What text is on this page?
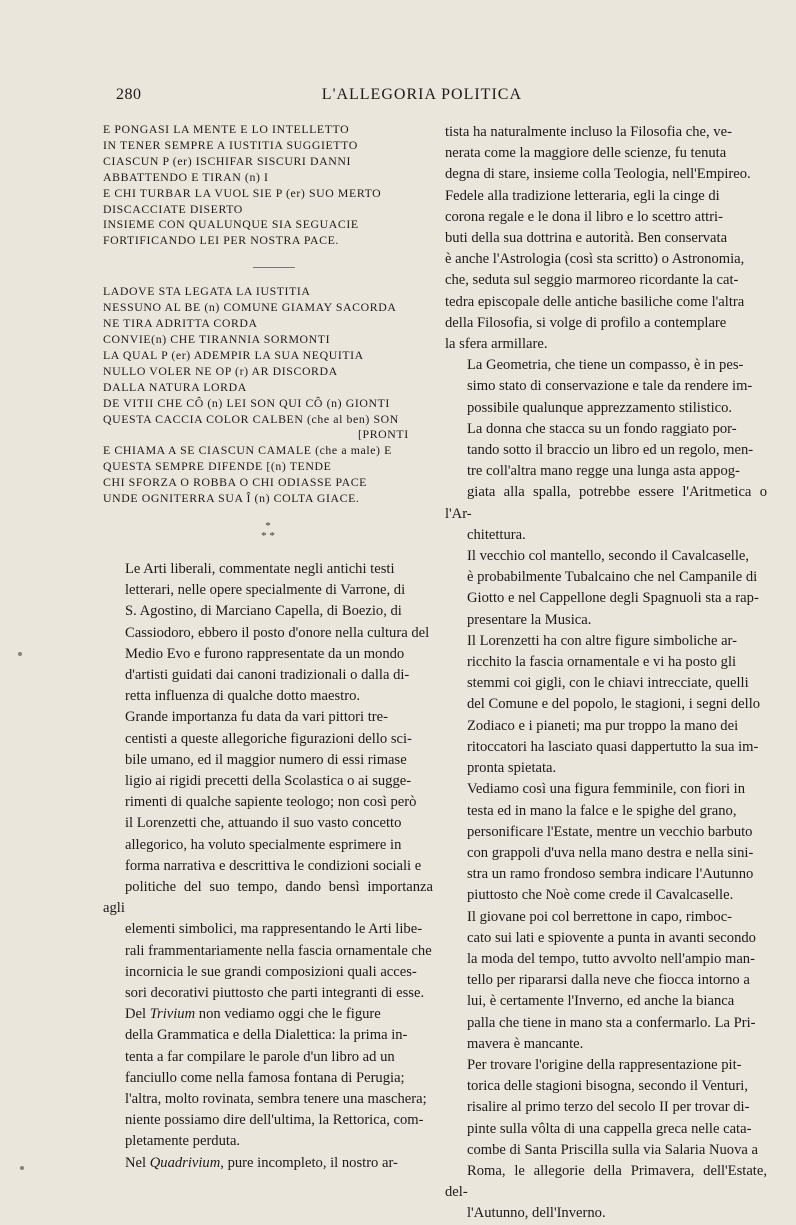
280	L'ALLEGORIA POLITICA
E PONGASI LA MENTE E LO INTELLETTO
IN TENER SEMPRE A IUSTITIA SUGGIETTO
CIASCUN P (er) ISCHIFAR SISCURI DANNI
ABBATTENDO E TIRAN (n) I
E CHI TURBAR LA VUOL SIE P (er) SUO MERTO
DISCACCIATE DISERTO
INSIEME CON QUALUNQUE SIA SEGUACIE
FORTIFICANDO LEI PER NOSTRA PACE.
LADOVE STA LEGATA LA IUSTITIA
NESSUNO AL BE (n) COMUNE GIAMAY SACORDA
NE TIRA ADRITTA CORDA
CONVIE(n) CHE TIRANNIA SORMONTI
LA QUAL P (er) ADEMPIR LA SUA NEQUITIA
NULLO VOLER NE OP (r) AR DISCORDA
DALLA NATURA LORDA
DE VITII CHE CÔ (n) LEI SON QUI CÔ (n) GIONTI
QUESTA CACCIA COLOR CALBEN (che al ben) SON
[PRONTI
E CHIAMA A SE CIASCUN CAMALE (che a male) E
QUESTA SEMPRE DIFENDE [(n) TENDE
CHI SFORZA O ROBBA O CHI ODIASSE PACE
UNDE OGNITERRA SUA Î (n) COLTA GIACE.
*
* *

Le Arti liberali, commentate negli antichi testi
letterari, nelle opere specialmente di Varrone, di
S. Agostino, di Marciano Capella, di Boezio, di
Cassiodoro, ebbero il posto d'onore nella cultura del
Medio Evo e furono rappresentate da un mondo
d'artisti guidati dai canoni tradizionali o dalla di-
retta influenza di qualche dotto maestro.

Grande importanza fu data da vari pittori tre-
centisti a queste allegoriche figurazioni dello sci-
bile umano, ed il maggior numero di essi rimase
ligio ai rigidi precetti della Scolastica o ai sugge-
rimenti di qualche sapiente teologo; non così però
il Lorenzetti che, attuando il suo vasto concetto
allegorico, ha voluto specialmente esprimere in
forma narrativa e descrittiva le condizioni sociali e
politiche del suo tempo, dando bensì importanza agli
elementi simbolici, ma rappresentando le Arti libe-
rali frammentariamente nella fascia ornamentale che
incornicia le sue grandi composizioni quali acces-
sori decorativi piuttosto che parti integranti di esse.

Del Trivium non vediamo oggi che le figure
della Grammatica e della Dialettica: la prima in-
tenta a far compilare le parole d'un libro ad un
fanciullo come nella famosa fontana di Perugia;
l'altra, molto rovinata, sembra tenere una maschera;
niente possiamo dire dell'ultima, la Rettorica, com-
pletamente perduta.

Nel Quadrivium, pure incompleto, il nostro ar-

tista ha naturalmente incluso la Filosofia che, ve-
nerata come la maggiore delle scienze, fu tenuta
degna di stare, insieme colla Teologia, nell'Empireo.
Fedele alla tradizione letteraria, egli la cinge di
corona regale e le dona il libro e lo scettro attri-
buti della sua dottrina e autorità. Ben conservata
è anche l'Astrologia (così sta scritto) o Astronomia,
che, seduta sul seggio marmoreo ricordante la cat-
tedra episcopale delle antiche basiliche come l'altra
della Filosofia, si volge di profilo a contemplare
la sfera armillare.

La Geometria, che tiene un compasso, è in pes-
simo stato di conservazione e tale da rendere im-
possibile qualunque apprezzamento stilistico.

La donna che stacca su un fondo raggiato por-
tando sotto il braccio un libro ed un regolo, men-
tre coll'altra mano regge una lunga asta appog-
giata alla spalla, potrebbe essere l'Aritmetica o l'Ar-
chitettura.

Il vecchio col mantello, secondo il Cavalcaselle,
è probabilmente Tubalcaino che nel Campanile di
Giotto e nel Cappellone degli Spagnuoli sta a rap-
presentare la Musica.

Il Lorenzetti ha con altre figure simboliche ar-
ricchito la fascia ornamentale e vi ha posto gli
stemmi coi gigli, con le chiavi intrecciate, quelli
del Comune e del popolo, le stagioni, i segni dello
Zodiaco e i pianeti; ma pur troppo la mano dei
ritoccatori ha lasciato quasi dappertutto la sua im-
pronta spietata.

Vediamo così una figura femminile, con fiori in
testa ed in mano la falce e le spighe del grano,
personificare l'Estate, mentre un vecchio barbuto
con grappoli d'uva nella mano destra e nella sini-
stra un ramo frondoso sembra indicare l'Autunno
piuttosto che Noè come crede il Cavalcaselle.

Il giovane poi col berrettone in capo, rimboc-
cato sui lati e spiovente a punta in avanti secondo
la moda del tempo, tutto avvolto nell'ampio man-
tello per ripararsi dalla neve che fiocca intorno a
lui, è certamente l'Inverno, ed anche la bianca
palla che tiene in mano sta a confermarlo. La Pri-
mavera è mancante.

Per trovare l'origine della rappresentazione pit-
torica delle stagioni bisogna, secondo il Venturi,
risalire al primo terzo del secolo II per trovar di-
pinte sulla vôlta di una cappella greca nelle cata-
combe di Santa Priscilla sulla via Salaria Nuova a
Roma, le allegorie della Primavera, dell'Estate, del-
l'Autunno, dell'Inverno.
